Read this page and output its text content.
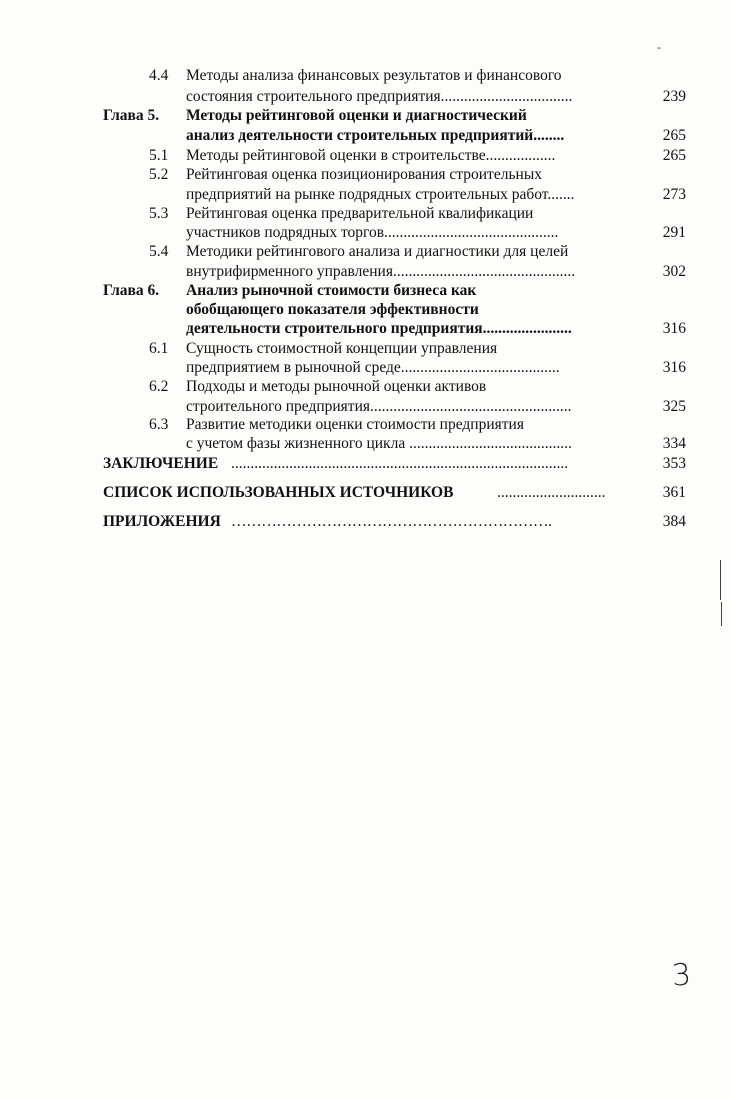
-
4.4 Методы анализа финансовых результатов и финансового
состояния строительного предприятия..................................	239
Глава 5. Методы рейтинговой оценки и диагностический
анализ деятельности строительных предприятий........	265
5.1 Методы рейтинговой оценки в строительстве..................	265
5.2 Рейтинговая оценка позиционирования строительных
предприятий на рынке подрядных строительных работ.......	273
5.3 Рейтинговая оценка предварительной квалификации
участников подрядных торгов.............................................	291
5.4 Методики рейтингового анализа и диагностики для целей
внутрифирменного управления...............................................	302
Глава 6. Анализ рыночной стоимости бизнеса как
обобщающего показателя эффективности
деятельности строительного предприятия.......................	316
6.1 Сущность стоимостной концепции управления
предприятием в рыночной среде.........................................	316
6.2 Подходы и методы рыночной оценки активов
строительного предприятия....................................................	325
6.3 Развитие методики оценки стоимости предприятия
с учетом фазы жизненного цикла ..........................................	334
ЗАКЛЮЧЕНИЕ .......................................................................................	353
СПИСОК ИСПОЛЬЗОВАННЫХ ИСТОЧНИКОВ	............................	361
ПРИЛОЖЕНИЯ ……………………………………………………….	384
3
